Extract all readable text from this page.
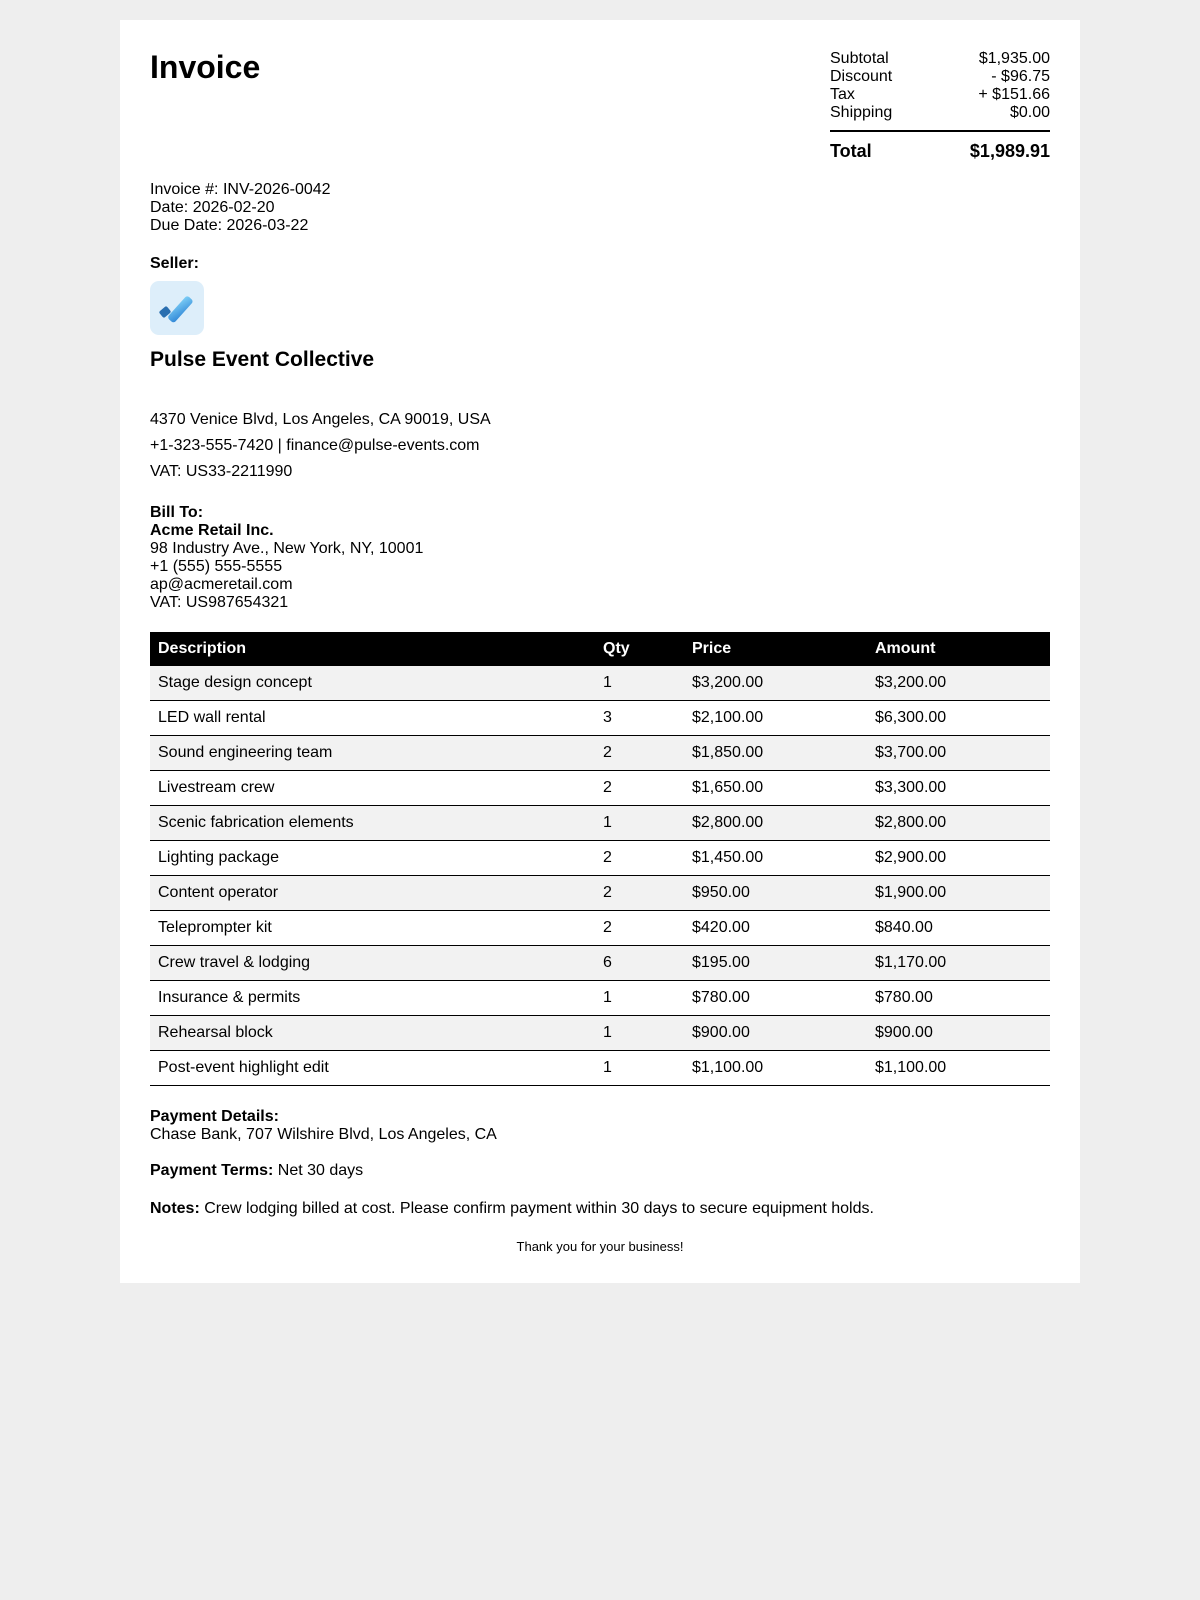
Invoice	Subtotal	$1,935.00
Discount	- $96.75
Tax	+ $151.66
Shipping	$0.00
Total	$1,989.91
Invoice #: INV-2026-0042
Date: 2026-02-20
Due Date: 2026-03-22
Seller:
Pulse Event Collective
4370 Venice Blvd, Los Angeles, CA 90019, USA
+1-323-555-7420 | finance@pulse-events.com
VAT: US33-2211990
Bill To:
Acme Retail Inc.
98 Industry Ave., New York, NY, 10001
+1 (555) 555-5555
ap@acmeretail.com
VAT: US987654321
Description	Qty	Price	Amount
Stage design concept	1	$3,200.00	$3,200.00
LED wall rental	3	$2,100.00	$6,300.00
Sound engineering team	2	$1,850.00	$3,700.00
Livestream crew	2	$1,650.00	$3,300.00
Scenic fabrication elements	1	$2,800.00	$2,800.00
Lighting package	2	$1,450.00	$2,900.00
Content operator	2	$950.00	$1,900.00
Teleprompter kit	2	$420.00	$840.00
Crew travel & lodging	6	$195.00	$1,170.00
Insurance & permits	1	$780.00	$780.00
Rehearsal block	1	$900.00	$900.00
Post-event highlight edit	1	$1,100.00	$1,100.00
Payment Details:
Chase Bank, 707 Wilshire Blvd, Los Angeles, CA
Payment Terms: Net 30 days
Notes: Crew lodging billed at cost. Please confirm payment within 30 days to secure equipment holds.
Thank you for your business!
